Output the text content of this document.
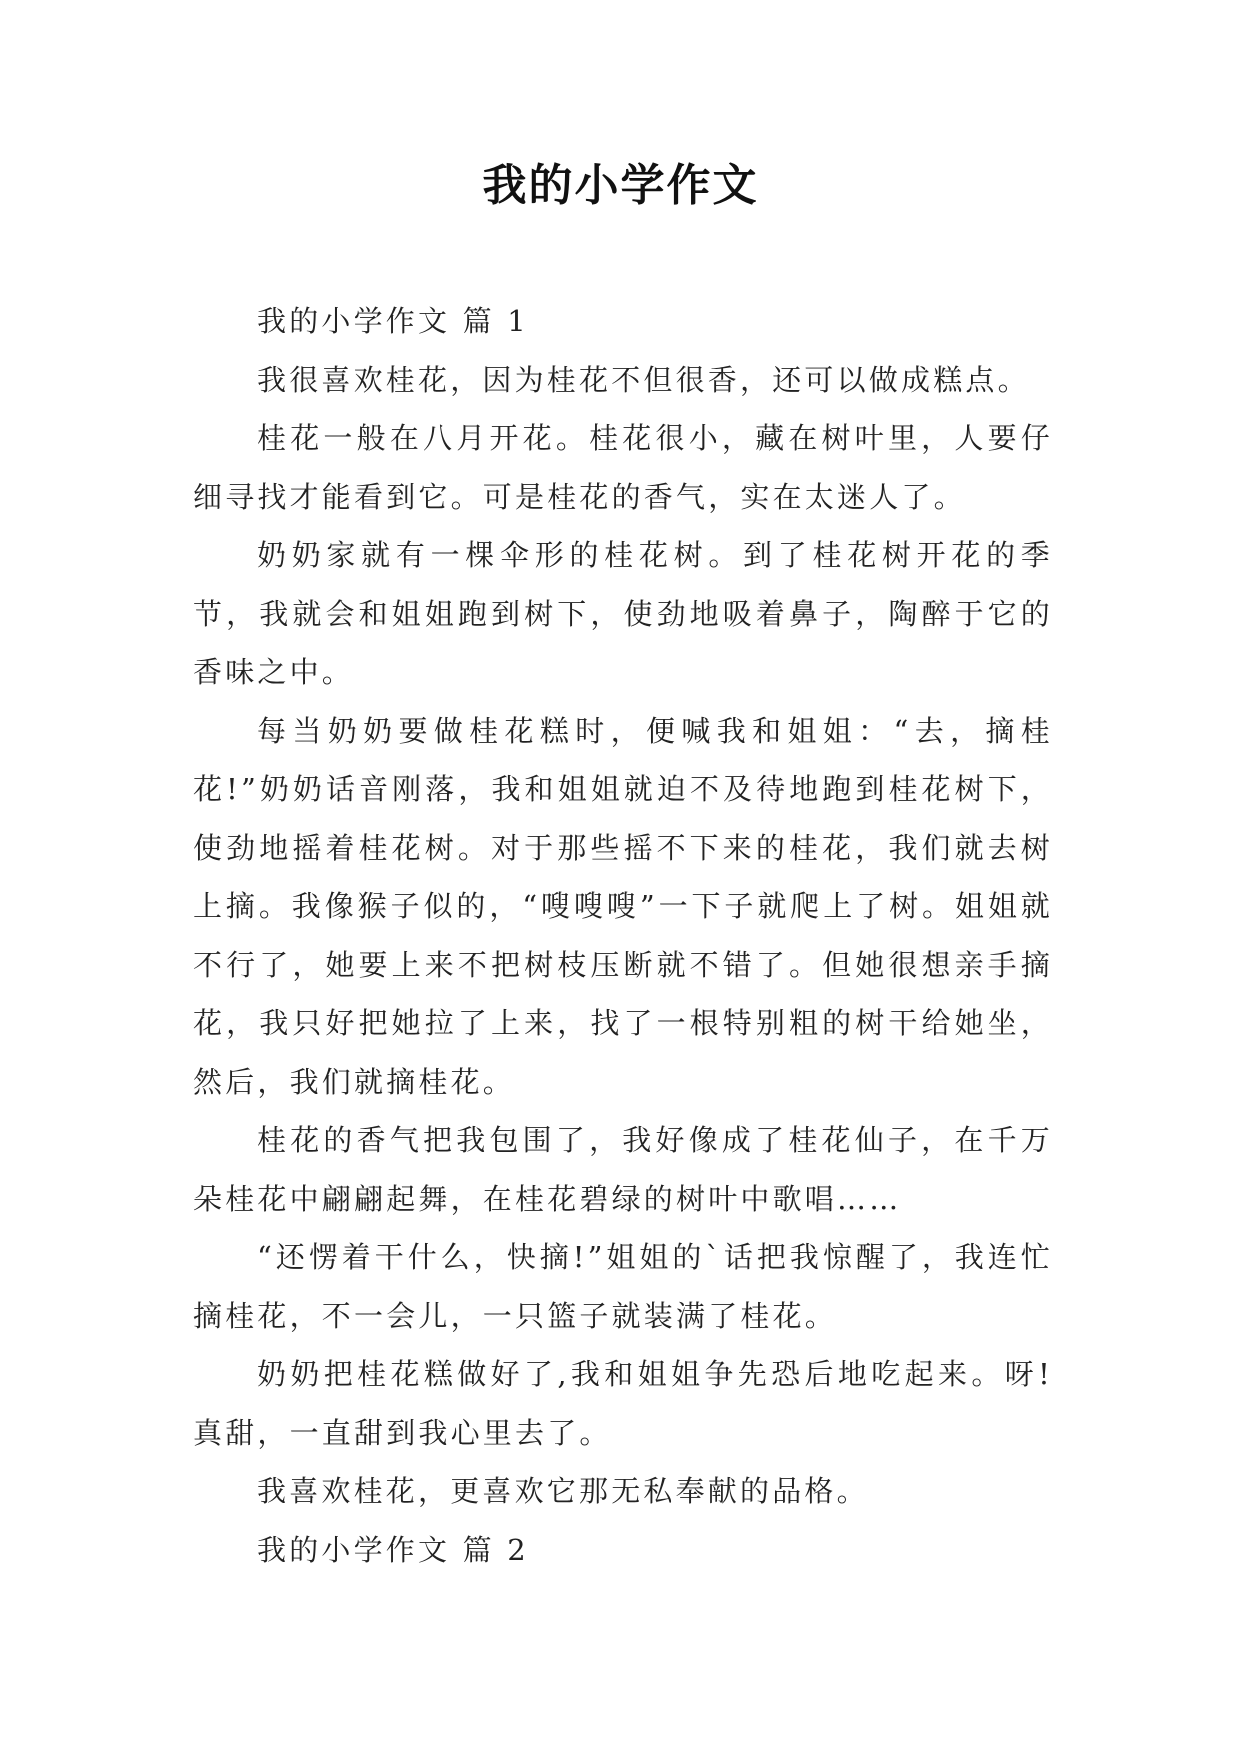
我的小学作文

我的小学作文 篇 1

我很喜欢桂花，因为桂花不但很香，还可以做成糕点。

桂花一般在八月开花。桂花很小，藏在树叶里，人要仔细寻找才能看到它。可是桂花的香气，实在太迷人了。

奶奶家就有一棵伞形的桂花树。到了桂花树开花的季节，我就会和姐姐跑到树下，使劲地吸着鼻子，陶醉于它的香味之中。

每当奶奶要做桂花糕时，便喊我和姐姐：“去，摘桂花!”奶奶话音刚落，我和姐姐就迫不及待地跑到桂花树下，使劲地摇着桂花树。对于那些摇不下来的桂花，我们就去树上摘。我像猴子似的，“嗖嗖嗖”一下子就爬上了树。姐姐就不行了，她要上来不把树枝压断就不错了。但她很想亲手摘花，我只好把她拉了上来，找了一根特别粗的树干给她坐，然后，我们就摘桂花。

桂花的香气把我包围了，我好像成了桂花仙子，在千万朵桂花中翩翩起舞，在桂花碧绿的树叶中歌唱……

“还愣着干什么，快摘!”姐姐的`话把我惊醒了，我连忙摘桂花，不一会儿，一只篮子就装满了桂花。

奶奶把桂花糕做好了,我和姐姐争先恐后地吃起来。呀!真甜，一直甜到我心里去了。

我喜欢桂花，更喜欢它那无私奉献的品格。

我的小学作文 篇 2
